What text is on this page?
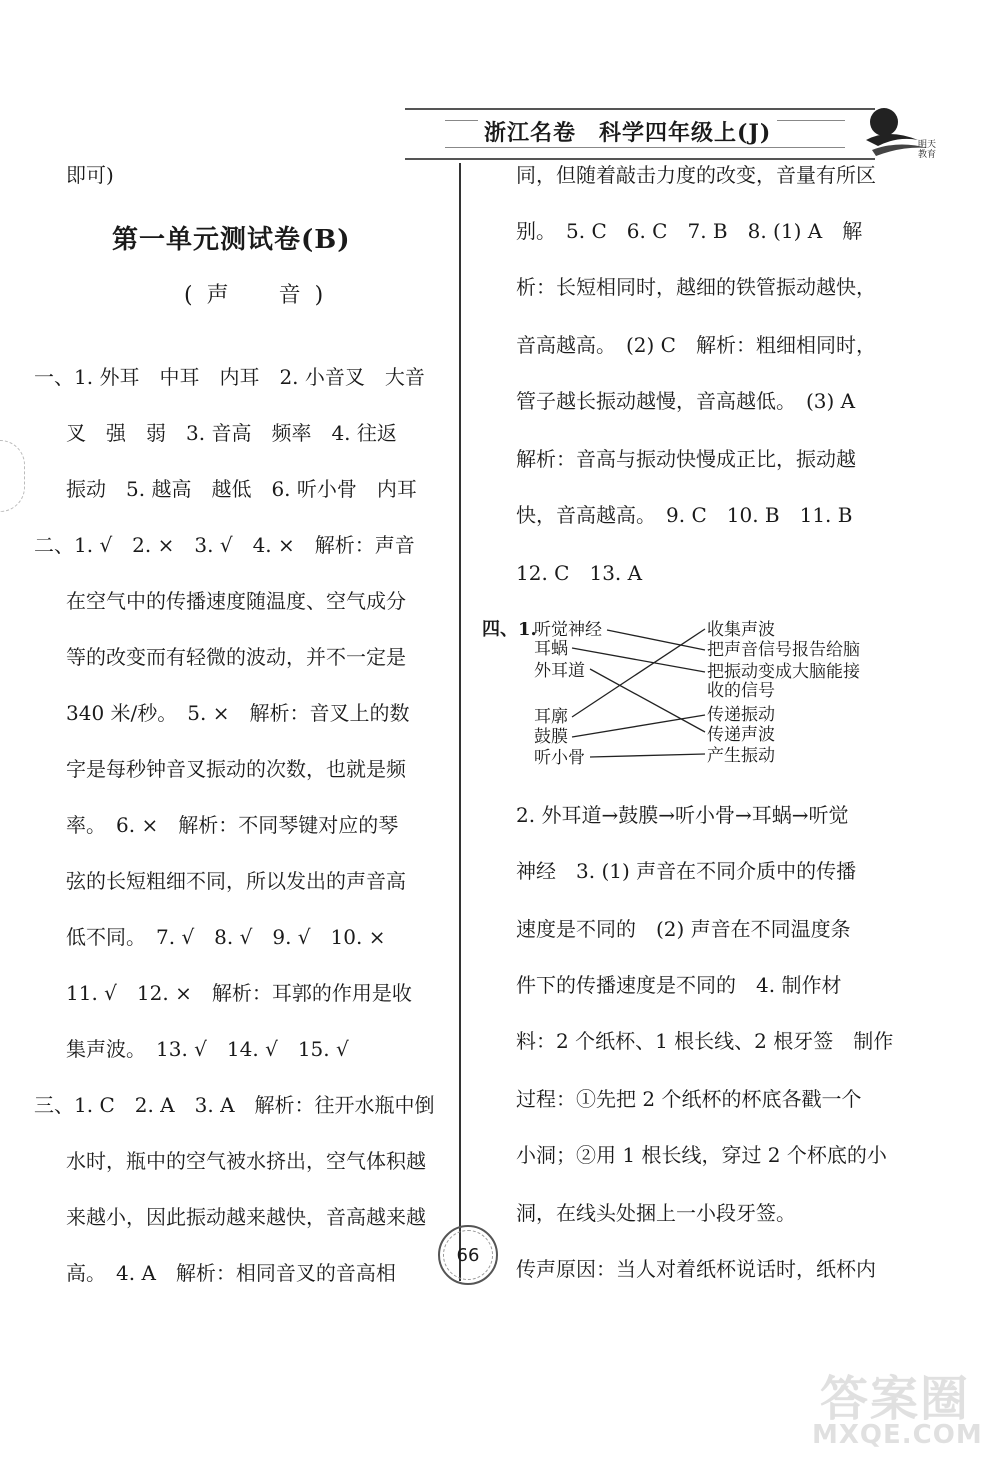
浙江名卷　科学四年级上(J)	明天教育
即可)
第一单元测试卷(B)
(声　音)
一、1. 外耳　中耳　内耳　2. 小音叉　大音
叉　强　弱　3. 音高　频率　4. 往返
振动　5. 越高　越低　6. 听小骨　内耳
二、1. √　2. ×　3. √　4. ×　解析：声音
在空气中的传播速度随温度、空气成分
等的改变而有轻微的波动，并不一定是
340 米/秒。　5. ×　解析：音叉上的数
字是每秒钟音叉振动的次数，也就是频
率。　6. ×　解析：不同琴键对应的琴
弦的长短粗细不同，所以发出的声音高
低不同。　7. √　8. √　9. √　10. ×
11. √　12. ×　解析：耳郭的作用是收
集声波。　13. √　14. √　15. √
三、1. C　2. A　3. A　解析：往开水瓶中倒
水时，瓶中的空气被水挤出，空气体积越
来越小，因此振动越来越快，音高越来越
高。　4. A　解析：相同音叉的音高相
同，但随着敲击力度的改变，音量有所区
别。　5. C　6. C　7. B　8. (1) A　解
析：长短相同时，越细的铁管振动越快，
音高越高。　(2) C　解析：粗细相同时，
管子越长振动越慢，音高越低。　(3) A
解析：音高与振动快慢成正比，振动越
快，音高越高。　9. C　10. B　11. B
12. C　13. A
四、1.
听觉神经
耳蜗
外耳道
耳廓
鼓膜
听小骨
收集声波
把声音信号报告给脑
把振动变成大脑能接
收的信号
传递振动
传递声波
产生振动
2. 外耳道→鼓膜→听小骨→耳蜗→听觉
神经　3. (1) 声音在不同介质中的传播
速度是不同的　(2) 声音在不同温度条
件下的传播速度是不同的　4. 制作材
料：2 个纸杯、1 根长线、2 根牙签　制作
过程：①先把 2 个纸杯的杯底各戳一个
小洞；②用 1 根长线，穿过 2 个杯底的小
洞，在线头处捆上一小段牙签。
传声原因：当人对着纸杯说话时，纸杯内
66
答案圈
MXQE.COM
